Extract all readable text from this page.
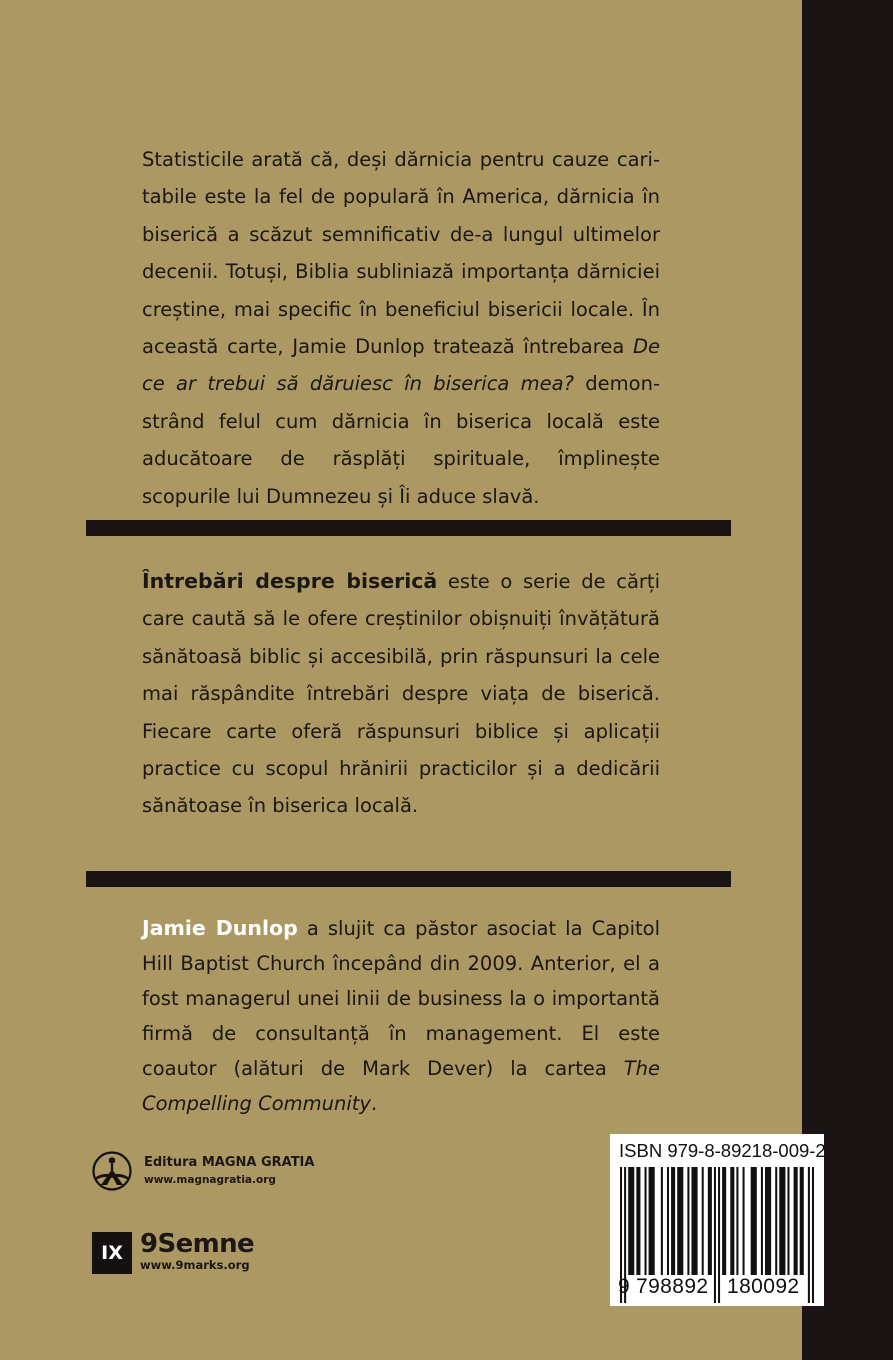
Statisticile arată că, deși dărnicia pentru cauze caritabile este la fel de populară în America, dărnicia în biserică a scăzut semnificativ de-a lungul ultimelor decenii. Totuși, Biblia subliniază importanța dărniciei creștine, mai specific în beneficiul bisericii locale. În această carte, Jamie Dunlop tratează întrebarea De ce ar trebui să dăruiesc în biserica mea? demonstrând felul cum dărnicia în biserica locală este aducătoare de răsplăți spirituale, împlinește scopurile lui Dumnezeu și Îi aduce slavă.

Întrebări despre biserică este o serie de cărți care caută să le ofere creștinilor obișnuiți învățătură sănătoasă biblic și accesibilă, prin răspunsuri la cele mai răspândite întrebări despre viața de biserică. Fiecare carte oferă răspunsuri biblice și aplicații practice cu scopul hrănirii practicilor și a dedicării sănătoase în biserica locală.

Jamie Dunlop a slujit ca păstor asociat la Capitol Hill Baptist Church începând din 2009. Anterior, el a fost managerul unei linii de business la o importantă firmă de consultanță în management. El este coautor (alături de Mark Dever) la cartea The Compelling Community.

Editura MAGNA GRATIA
www.magnagratia.org
IX 9Semne
www.9marks.org
ISBN 979-8-89218-009-2
9 798892 180092
